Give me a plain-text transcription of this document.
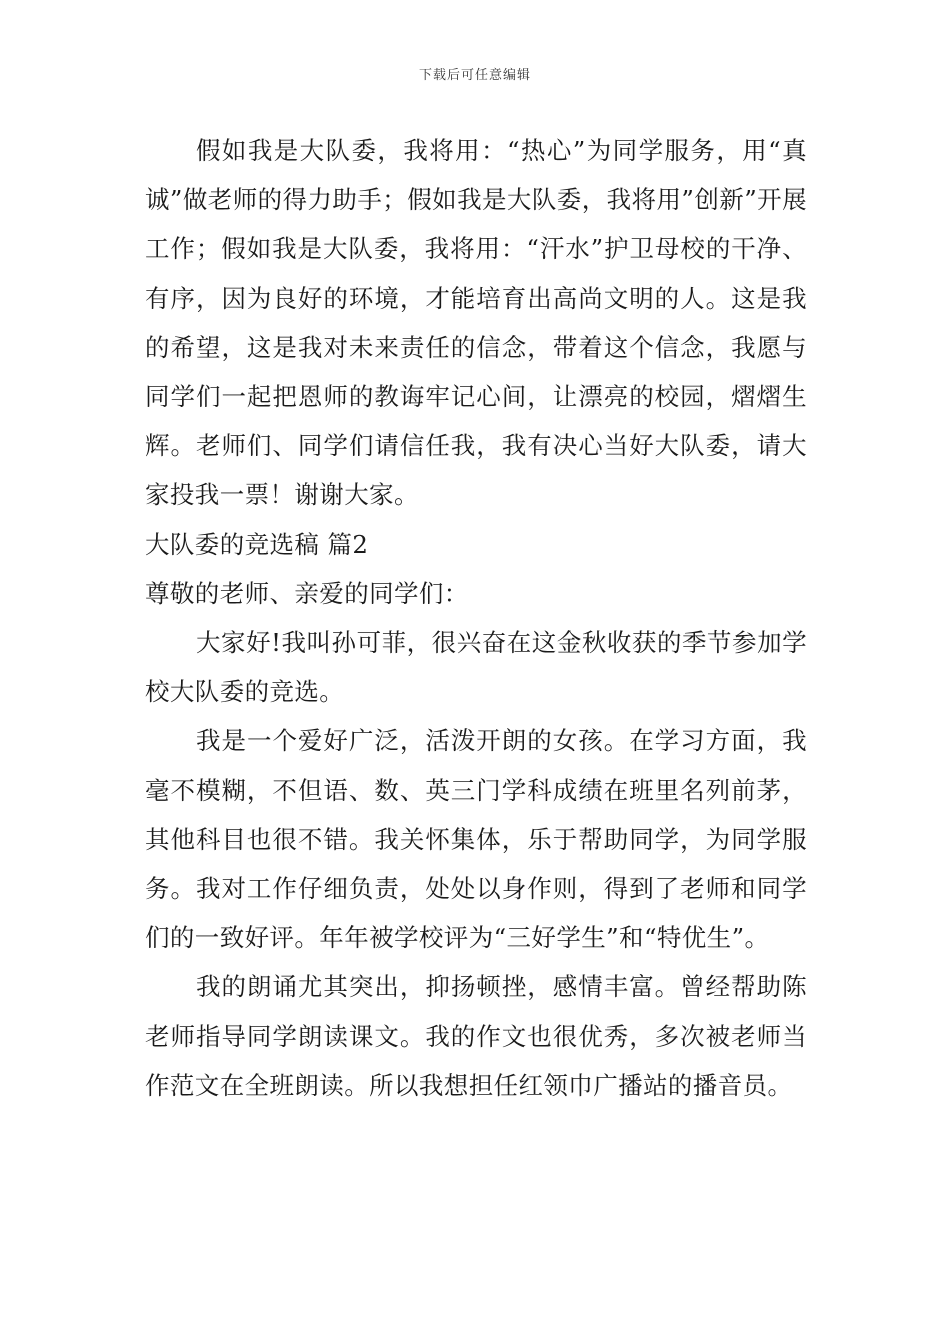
下载后可任意编辑

假如我是大队委，我将用：“热心”为同学服务，用“真诚”做老师的得力助手；假如我是大队委，我将用”创新”开展工作；假如我是大队委，我将用：“汗水”护卫母校的干净、有序，因为良好的环境，才能培育出高尚文明的人。这是我的希望，这是我对未来责任的信念，带着这个信念，我愿与同学们一起把恩师的教诲牢记心间，让漂亮的校园，熠熠生辉。老师们、同学们请信任我，我有决心当好大队委，请大家投我一票！谢谢大家。

大队委的竞选稿 篇2

尊敬的老师、亲爱的同学们：

大家好!我叫孙可菲，很兴奋在这金秋收获的季节参加学校大队委的竞选。

我是一个爱好广泛，活泼开朗的女孩。在学习方面，我毫不模糊，不但语、数、英三门学科成绩在班里名列前茅，其他科目也很不错。我关怀集体，乐于帮助同学，为同学服务。我对工作仔细负责，处处以身作则，得到了老师和同学们的一致好评。年年被学校评为“三好学生”和“特优生”。

我的朗诵尤其突出，抑扬顿挫，感情丰富。曾经帮助陈老师指导同学朗读课文。我的作文也很优秀，多次被老师当作范文在全班朗读。所以我想担任红领巾广播站的播音员。
